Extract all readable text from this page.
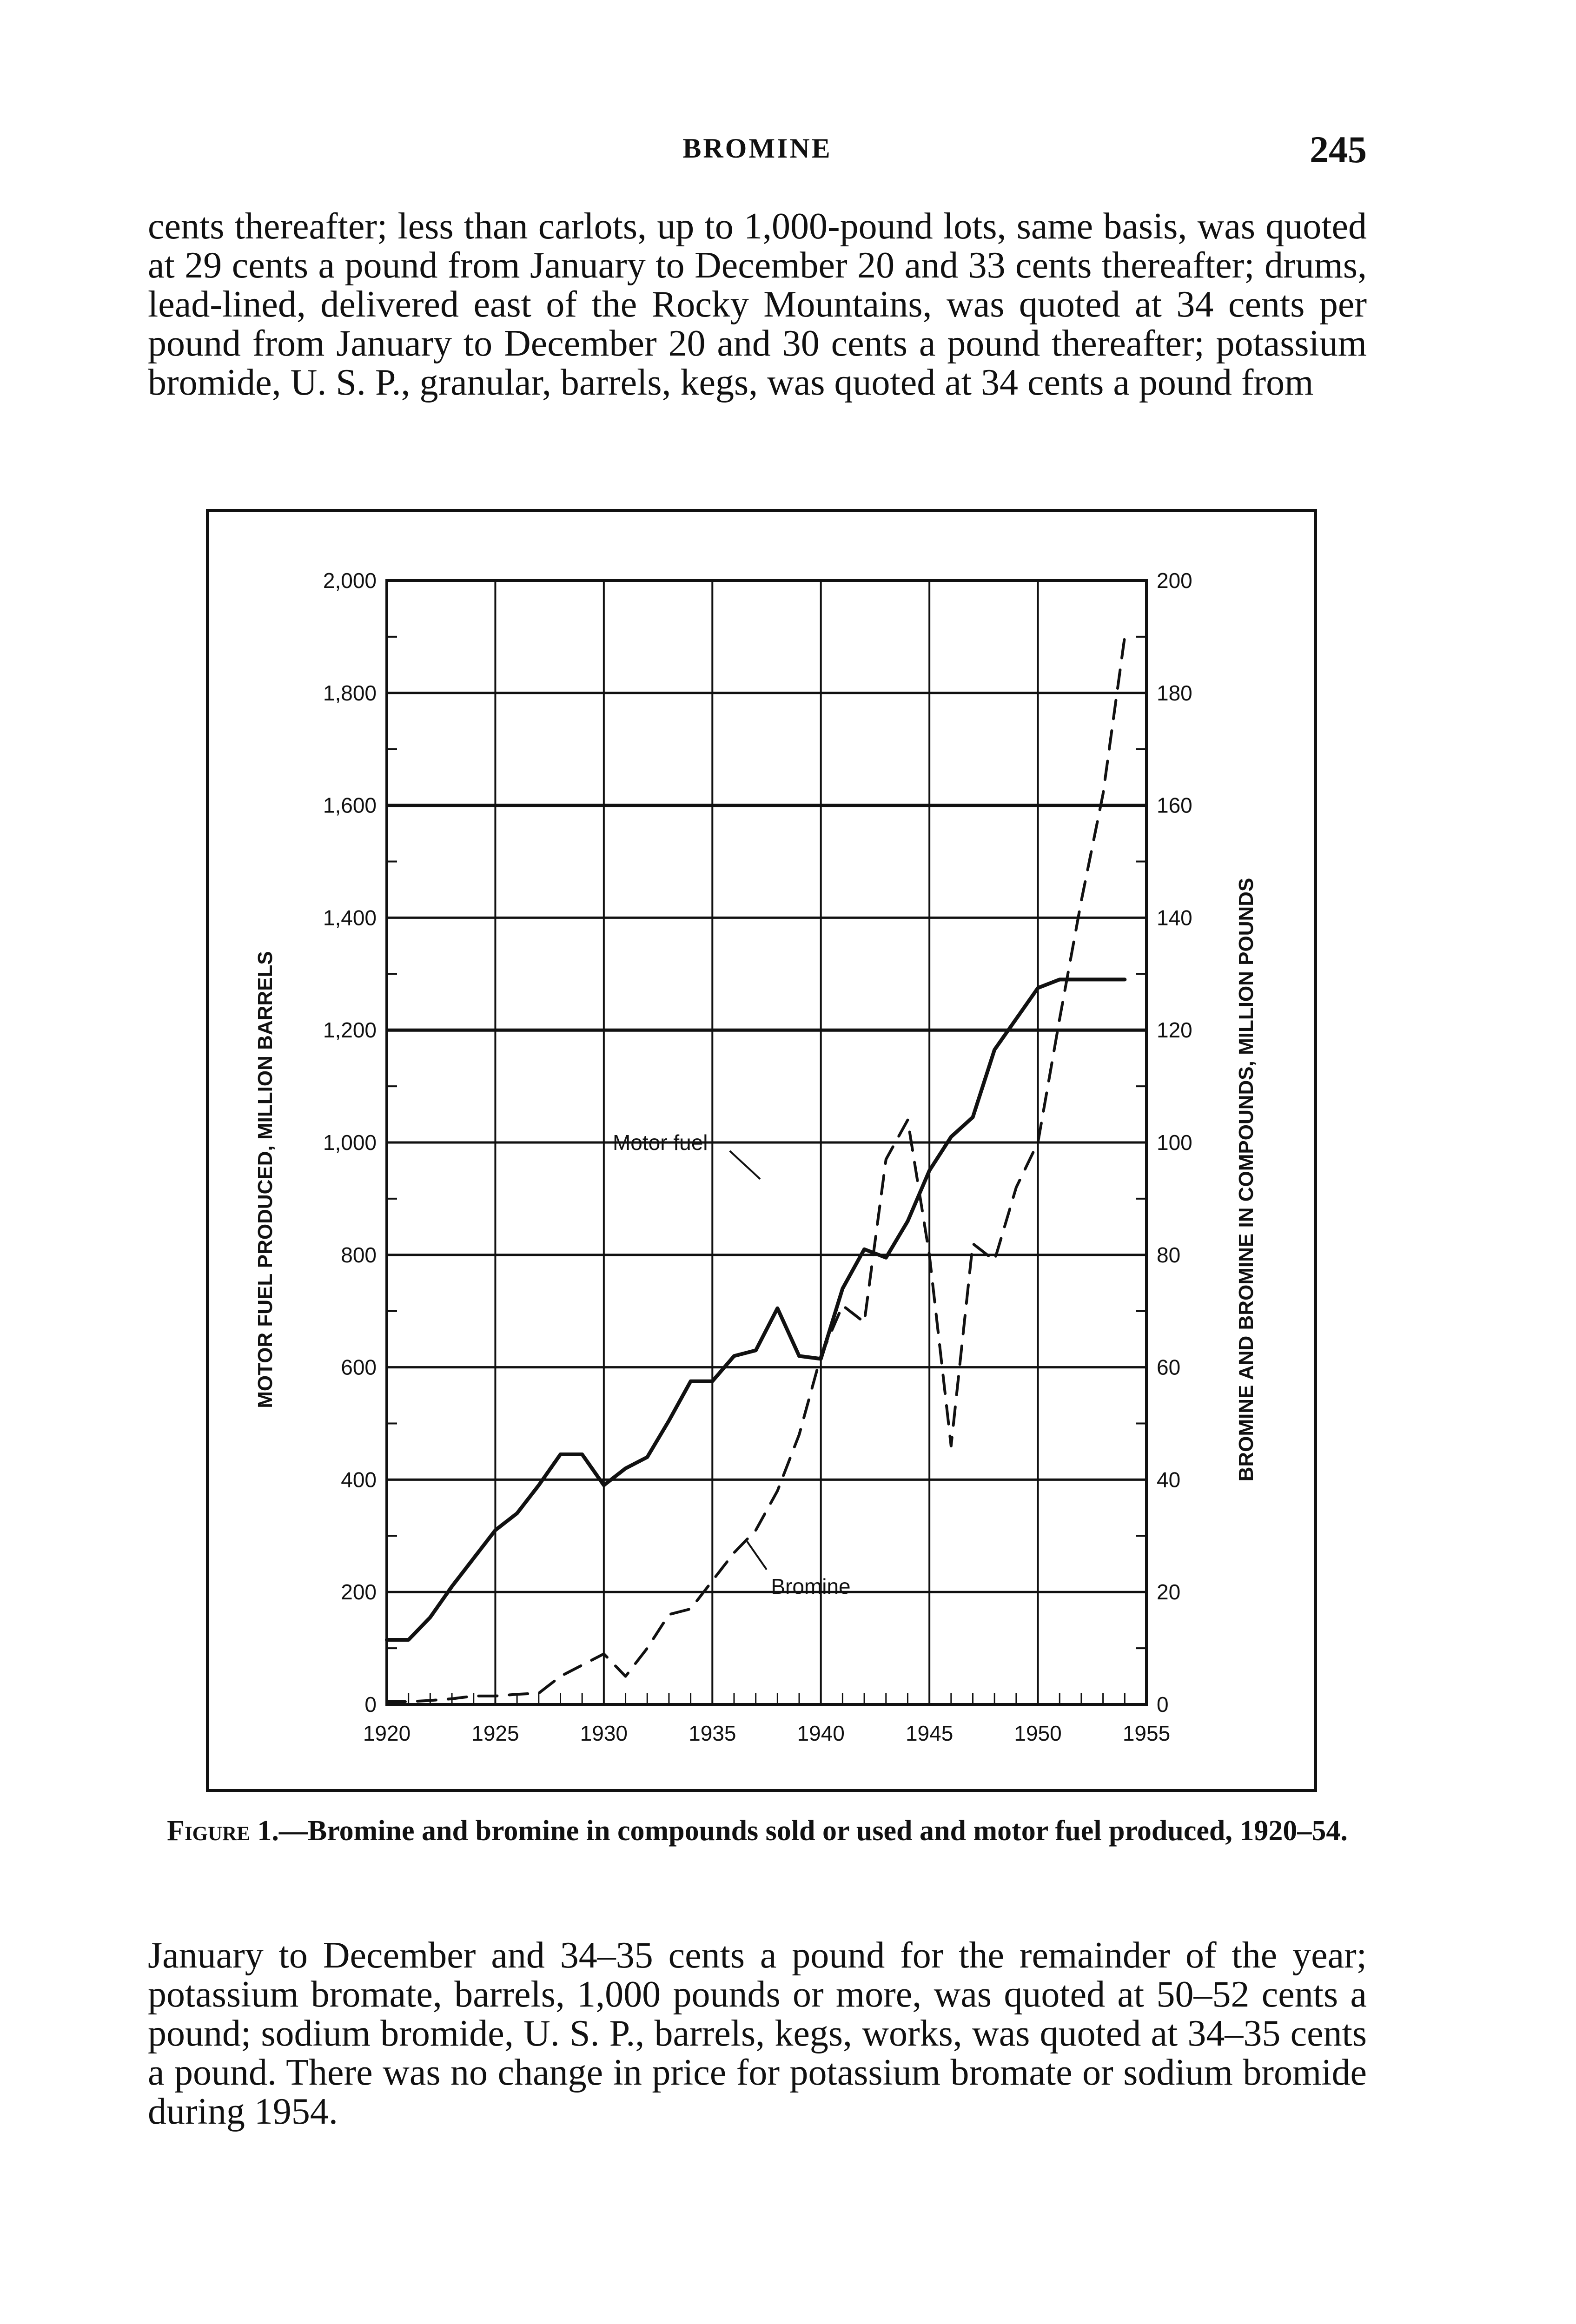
BROMINE	245

cents thereafter; less than carlots, up to 1,000-pound lots, same basis, was quoted at 29 cents a pound from January to December 20 and 33 cents thereafter; drums, lead-lined, delivered east of the Rocky Mountains, was quoted at 34 cents per pound from January to December 20 and 30 cents a pound thereafter; potassium bromide, U. S. P., granular, barrels, kegs, was quoted at 34 cents a pound from

0
200
400
600
800
1,000
1,200
1,400
1,600
1,800
2,000
0
20
40
60
80
100
120
140
160
180
200
1920	1925	1930	1935	1940	1945	1950	1955
MOTOR FUEL PRODUCED, MILLION BARRELS	BROMINE AND BROMINE IN COMPOUNDS, MILLION POUNDS
Motor fuel
Bromine

Figure 1.—Bromine and bromine in compounds sold or used and motor fuel produced, 1920–54.

January to December and 34–35 cents a pound for the remainder of the year; potassium bromate, barrels, 1,000 pounds or more, was quoted at 50–52 cents a pound; sodium bromide, U. S. P., barrels, kegs, works, was quoted at 34–35 cents a pound. There was no change in price for potassium bromate or sodium bromide during 1954.
